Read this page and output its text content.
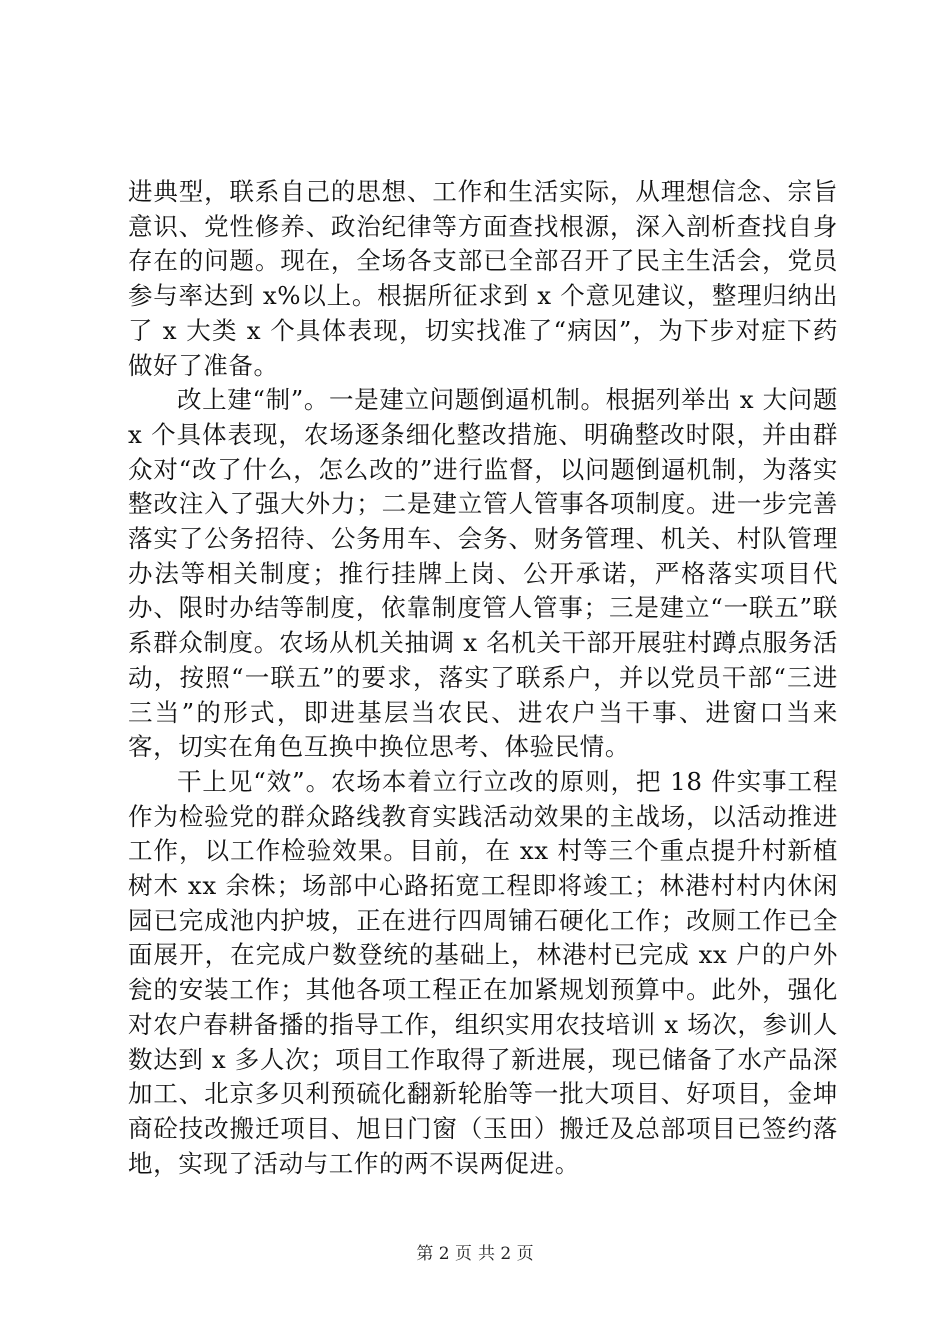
进典型，联系自己的思想、工作和生活实际，从理想信念、宗旨意识、党性修养、政治纪律等方面查找根源，深入剖析查找自身存在的问题。现在，全场各支部已全部召开了民主生活会，党员参与率达到 x%以上。根据所征求到 x 个意见建议，整理归纳出了 x 大类 x 个具体表现，切实找准了“病因”，为下步对症下药做好了准备。

改上建“制”。一是建立问题倒逼机制。根据列举出 x 大问题 x 个具体表现，农场逐条细化整改措施、明确整改时限，并由群众对“改了什么，怎么改的”进行监督，以问题倒逼机制，为落实整改注入了强大外力；二是建立管人管事各项制度。进一步完善落实了公务招待、公务用车、会务、财务管理、机关、村队管理办法等相关制度；推行挂牌上岗、公开承诺，严格落实项目代办、限时办结等制度，依靠制度管人管事；三是建立“一联五”联系群众制度。农场从机关抽调 x 名机关干部开展驻村蹲点服务活动，按照“一联五”的要求，落实了联系户，并以党员干部“三进三当”的形式，即进基层当农民、进农户当干事、进窗口当来客，切实在角色互换中换位思考、体验民情。

干上见“效”。农场本着立行立改的原则，把 18 件实事工程作为检验党的群众路线教育实践活动效果的主战场，以活动推进工作，以工作检验效果。目前，在 xx 村等三个重点提升村新植树木 xx 余株；场部中心路拓宽工程即将竣工；林港村村内休闲园已完成池内护坡，正在进行四周铺石硬化工作；改厕工作已全面展开，在完成户数登统的基础上，林港村已完成 xx 户的户外瓮的安装工作；其他各项工程正在加紧规划预算中。此外，强化对农户春耕备播的指导工作，组织实用农技培训 x 场次，参训人数达到 x 多人次；项目工作取得了新进展，现已储备了水产品深加工、北京多贝利预硫化翻新轮胎等一批大项目、好项目，金坤商砼技改搬迁项目、旭日门窗（玉田）搬迁及总部项目已签约落地，实现了活动与工作的两不误两促进。

第 2 页 共 2 页
